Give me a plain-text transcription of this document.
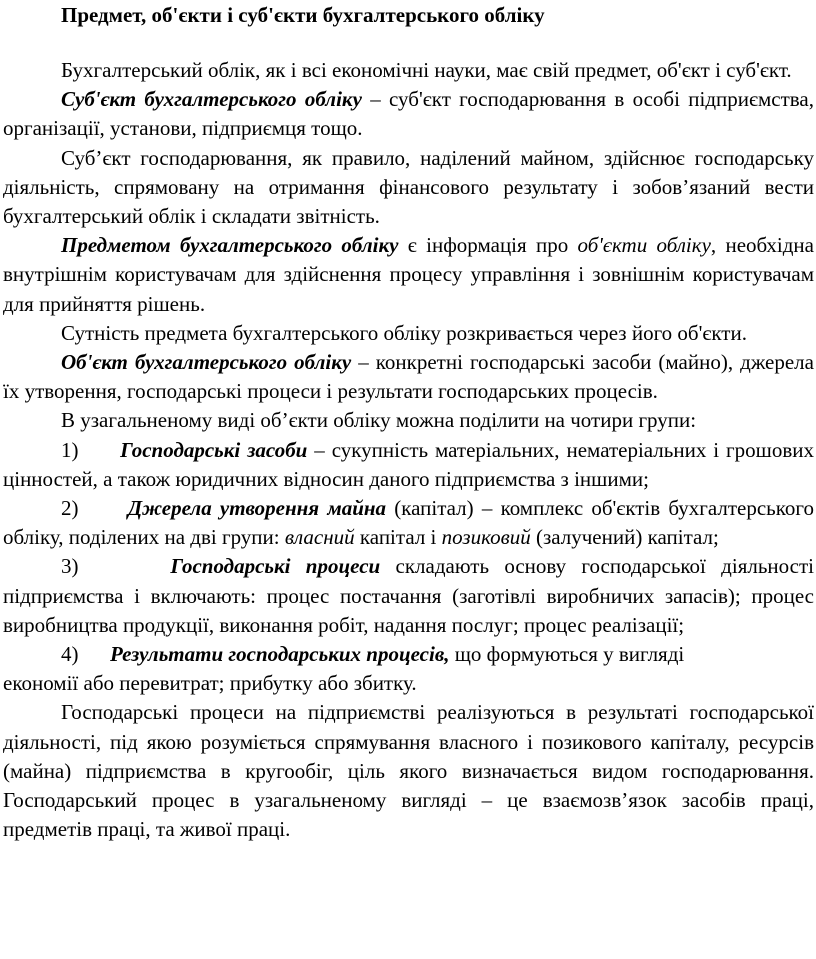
Предмет, об'єкти і суб'єкти бухгалтерського обліку

Бухгалтерський облік, як і всі економічні науки, має свій предмет, об'єкт і суб'єкт.

Суб'єкт бухгалтерського обліку – суб'єкт господарювання в особі підприємства, організації, установи, підприємця тощо.

Суб’єкт господарювання, як правило, наділений майном, здійснює господарську діяльність, спрямовану на отримання фінансового результату і зобов’язаний вести бухгалтерський облік і складати звітність.

Предметом бухгалтерського обліку є інформація про об'єкти обліку, необхідна внутрішнім користувачам для здійснення процесу управління і зовнішнім користувачам для прийняття рішень.

Сутність предмета бухгалтерського обліку розкривається через його об'єкти.

Об'єкт бухгалтерського обліку – конкретні господарські засоби (майно), джерела їх утворення, господарські процеси і результати господарських процесів.

В узагальненому виді об’єкти обліку можна поділити на чотири групи:

1) Господарські засоби – сукупність матеріальних, нематеріальних і грошових цінностей, а також юридичних відносин даного підприємства з іншими;

2) Джерела утворення майна (капітал) – комплекс об'єктів бухгалтерського обліку, поділених на дві групи: власний капітал і позиковий (залучений) капітал;

3)	Господарські процеси складають основу господарської діяльності підприємства і включають: процес постачання (заготівлі виробничих запасів); процес виробництва продукції, виконання робіт, надання послуг; процес реалізації;

4) Результати господарських процесів, що формуються у вигляді
економії або перевитрат; прибутку або збитку.

Господарські процеси на підприємстві реалізуються в результаті господарської діяльності, під якою розуміється спрямування власного і позикового капіталу, ресурсів (майна) підприємства в кругообіг, ціль якого визначається видом господарювання. Господарський процес в узагальненому вигляді – це взаємозв’язок засобів праці, предметів праці, та живої праці.
